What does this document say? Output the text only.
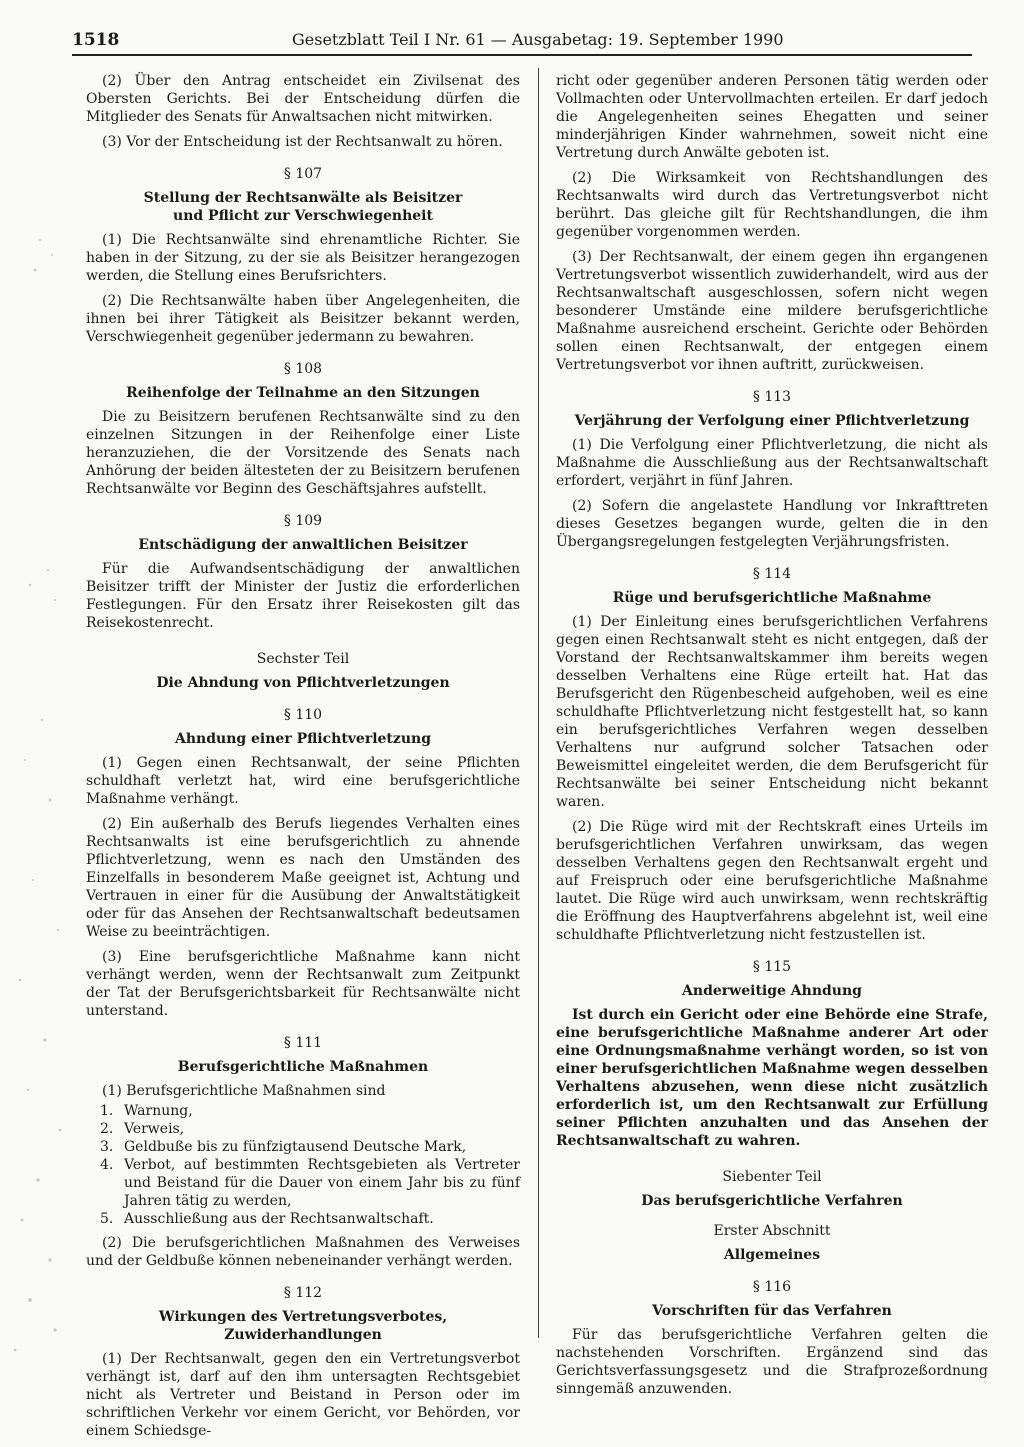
1518	Gesetzblatt Teil I Nr. 61 — Ausgabetag: 19. September 1990

(2) Über den Antrag entscheidet ein Zivilsenat des Obersten Gerichts. Bei der Entscheidung dürfen die Mitglieder des Senats für Anwaltsachen nicht mitwirken.

(3) Vor der Entscheidung ist der Rechtsanwalt zu hören.

§ 107
Stellung der Rechtsanwälte als Beisitzer
und Pflicht zur Verschwiegenheit

(1) Die Rechtsanwälte sind ehrenamtliche Richter. Sie haben in der Sitzung, zu der sie als Beisitzer herangezogen werden, die Stellung eines Berufsrichters.

(2) Die Rechtsanwälte haben über Angelegenheiten, die ihnen bei ihrer Tätigkeit als Beisitzer bekannt werden, Verschwiegenheit gegenüber jedermann zu bewahren.

§ 108
Reihenfolge der Teilnahme an den Sitzungen

Die zu Beisitzern berufenen Rechtsanwälte sind zu den einzelnen Sitzungen in der Reihenfolge einer Liste heranzuziehen, die der Vorsitzende des Senats nach Anhörung der beiden ältesteten der zu Beisitzern berufenen Rechtsanwälte vor Beginn des Geschäftsjahres aufstellt.

§ 109
Entschädigung der anwaltlichen Beisitzer

Für die Aufwandsentschädigung der anwaltlichen Beisitzer trifft der Minister der Justiz die erforderlichen Festlegungen. Für den Ersatz ihrer Reisekosten gilt das Reisekostenrecht.

Sechster Teil
Die Ahndung von Pflichtverletzungen
§ 110
Ahndung einer Pflichtverletzung

(1) Gegen einen Rechtsanwalt, der seine Pflichten schuldhaft verletzt hat, wird eine berufsgerichtliche Maßnahme verhängt.

(2) Ein außerhalb des Berufs liegendes Verhalten eines Rechtsanwalts ist eine berufsgerichtlich zu ahnende Pflichtverletzung, wenn es nach den Umständen des Einzelfalls in besonderem Maße geeignet ist, Achtung und Vertrauen in einer für die Ausübung der Anwaltstätigkeit oder für das Ansehen der Rechtsanwaltschaft bedeutsamen Weise zu beeinträchtigen.

(3) Eine berufsgerichtliche Maßnahme kann nicht verhängt werden, wenn der Rechtsanwalt zum Zeitpunkt der Tat der Berufsgerichtsbarkeit für Rechtsanwälte nicht unterstand.

§ 111
Berufsgerichtliche Maßnahmen

(1) Berufsgerichtliche Maßnahmen sind

1. Warnung,
2. Verweis,
3. Geldbuße bis zu fünfzigtausend Deutsche Mark,
4. Verbot, auf bestimmten Rechtsgebieten als Vertreter und Beistand für die Dauer von einem Jahr bis zu fünf Jahren tätig zu werden,
5. Ausschließung aus der Rechtsanwaltschaft.

(2) Die berufsgerichtlichen Maßnahmen des Verweises und der Geldbuße können nebeneinander verhängt werden.

§ 112
Wirkungen des Vertretungsverbotes, Zuwiderhandlungen

(1) Der Rechtsanwalt, gegen den ein Vertretungsverbot verhängt ist, darf auf den ihm untersagten Rechtsgebiet nicht als Vertreter und Beistand in Person oder im schriftlichen Verkehr vor einem Gericht, vor Behörden, vor einem Schiedsge-

richt oder gegenüber anderen Personen tätig werden oder Vollmachten oder Untervollmachten erteilen. Er darf jedoch die Angelegenheiten seines Ehegatten und seiner minderjährigen Kinder wahrnehmen, soweit nicht eine Vertretung durch Anwälte geboten ist.

(2) Die Wirksamkeit von Rechtshandlungen des Rechtsanwalts wird durch das Vertretungsverbot nicht berührt. Das gleiche gilt für Rechtshandlungen, die ihm gegenüber vorgenommen werden.

(3) Der Rechtsanwalt, der einem gegen ihn ergangenen Vertretungsverbot wissentlich zuwiderhandelt, wird aus der Rechtsanwaltschaft ausgeschlossen, sofern nicht wegen besonderer Umstände eine mildere berufsgerichtliche Maßnahme ausreichend erscheint. Gerichte oder Behörden sollen einen Rechtsanwalt, der entgegen einem Vertretungsverbot vor ihnen auftritt, zurückweisen.

§ 113
Verjährung der Verfolgung einer Pflichtverletzung

(1) Die Verfolgung einer Pflichtverletzung, die nicht als Maßnahme die Ausschließung aus der Rechtsanwaltschaft erfordert, verjährt in fünf Jahren.

(2) Sofern die angelastete Handlung vor Inkrafttreten dieses Gesetzes begangen wurde, gelten die in den Übergangsregelungen festgelegten Verjährungsfristen.

§ 114
Rüge und berufsgerichtliche Maßnahme

(1) Der Einleitung eines berufsgerichtlichen Verfahrens gegen einen Rechtsanwalt steht es nicht entgegen, daß der Vorstand der Rechtsanwaltskammer ihm bereits wegen desselben Verhaltens eine Rüge erteilt hat. Hat das Berufsgericht den Rügenbescheid aufgehoben, weil es eine schuldhafte Pflichtverletzung nicht festgestellt hat, so kann ein berufsgerichtliches Verfahren wegen desselben Verhaltens nur aufgrund solcher Tatsachen oder Beweismittel eingeleitet werden, die dem Berufsgericht für Rechtsanwälte bei seiner Entscheidung nicht bekannt waren.

(2) Die Rüge wird mit der Rechtskraft eines Urteils im berufsgerichtlichen Verfahren unwirksam, das wegen desselben Verhaltens gegen den Rechtsanwalt ergeht und auf Freispruch oder eine berufsgerichtliche Maßnahme lautet. Die Rüge wird auch unwirksam, wenn rechtskräftig die Eröffnung des Hauptverfahrens abgelehnt ist, weil eine schuldhafte Pflichtverletzung nicht festzustellen ist.

§ 115
Anderweitige Ahndung

Ist durch ein Gericht oder eine Behörde eine Strafe, eine berufsgerichtliche Maßnahme anderer Art oder eine Ordnungsmaßnahme verhängt worden, so ist von einer berufsgerichtlichen Maßnahme wegen desselben Verhaltens abzusehen, wenn diese nicht zusätzlich erforderlich ist, um den Rechtsanwalt zur Erfüllung seiner Pflichten anzuhalten und das Ansehen der Rechtsanwaltschaft zu wahren.

Siebenter Teil
Das berufsgerichtliche Verfahren
Erster Abschnitt
Allgemeines
§ 116
Vorschriften für das Verfahren

Für das berufsgerichtliche Verfahren gelten die nachstehenden Vorschriften. Ergänzend sind das Gerichtsverfassungsgesetz und die Strafprozeßordnung sinngemäß anzuwenden.
